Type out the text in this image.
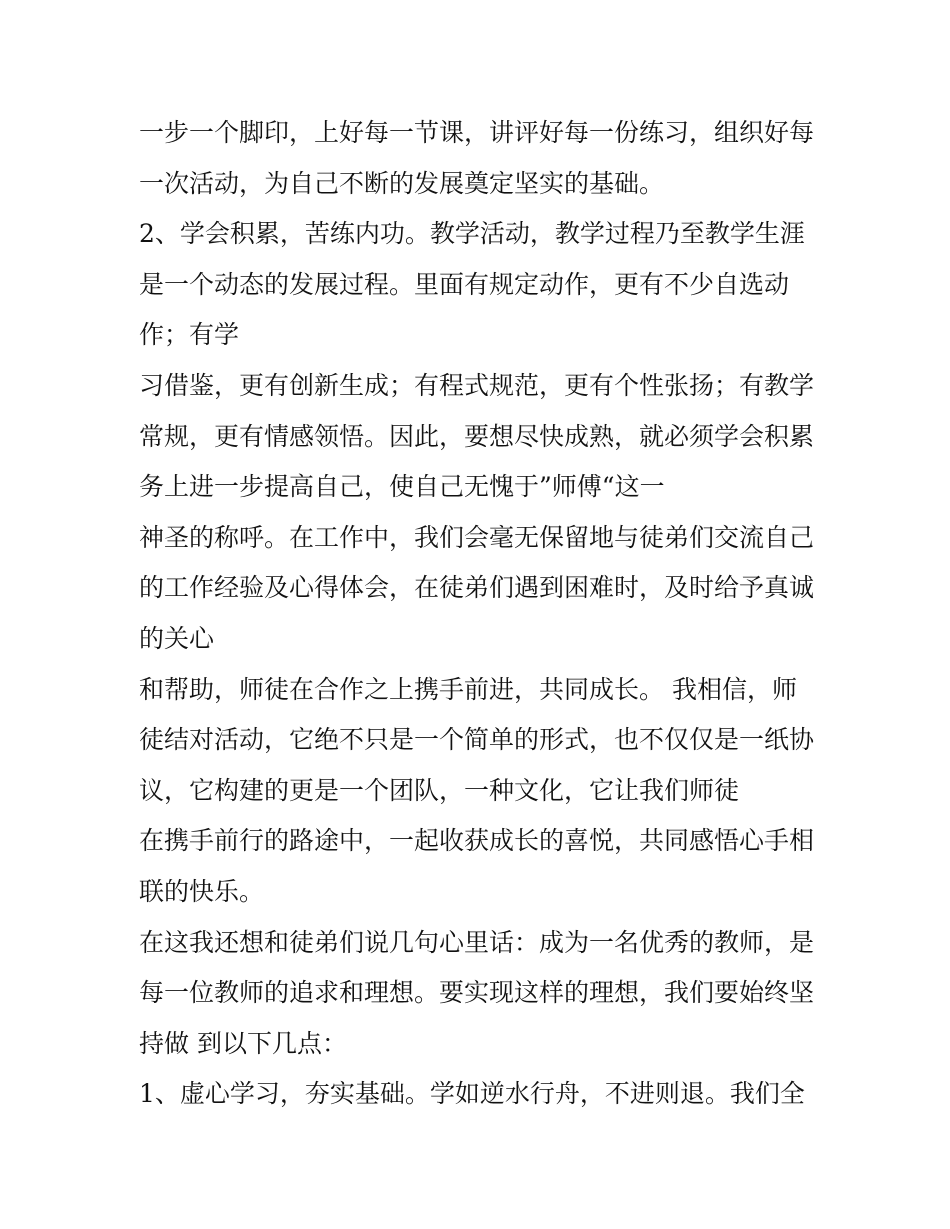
一步一个脚印，上好每一节课，讲评好每一份练习，组织好每
一次活动，为自己不断的发展奠定坚实的基础。
2、学会积累，苦练内功。教学活动，教学过程乃至教学生涯
是一个动态的发展过程。里面有规定动作，更有不少自选动
作；有学
习借鉴，更有创新生成；有程式规范，更有个性张扬；有教学
常规，更有情感领悟。因此，要想尽快成熟，就必须学会积累
务上进一步提高自己，使自己无愧于”师傅“这一
神圣的称呼。在工作中，我们会毫无保留地与徒弟们交流自己
的工作经验及心得体会，在徒弟们遇到困难时，及时给予真诚
的关心
和帮助，师徒在合作之上携手前进，共同成长。 我相信，师
徒结对活动，它绝不只是一个简单的形式，也不仅仅是一纸协
议，它构建的更是一个团队，一种文化，它让我们师徒
在携手前行的路途中，一起收获成长的喜悦，共同感悟心手相
联的快乐。
在这我还想和徒弟们说几句心里话：成为一名优秀的教师，是
每一位教师的追求和理想。要实现这样的理想，我们要始终坚
持做 到以下几点：
1、虚心学习，夯实基础。学如逆水行舟，不进则退。我们全
